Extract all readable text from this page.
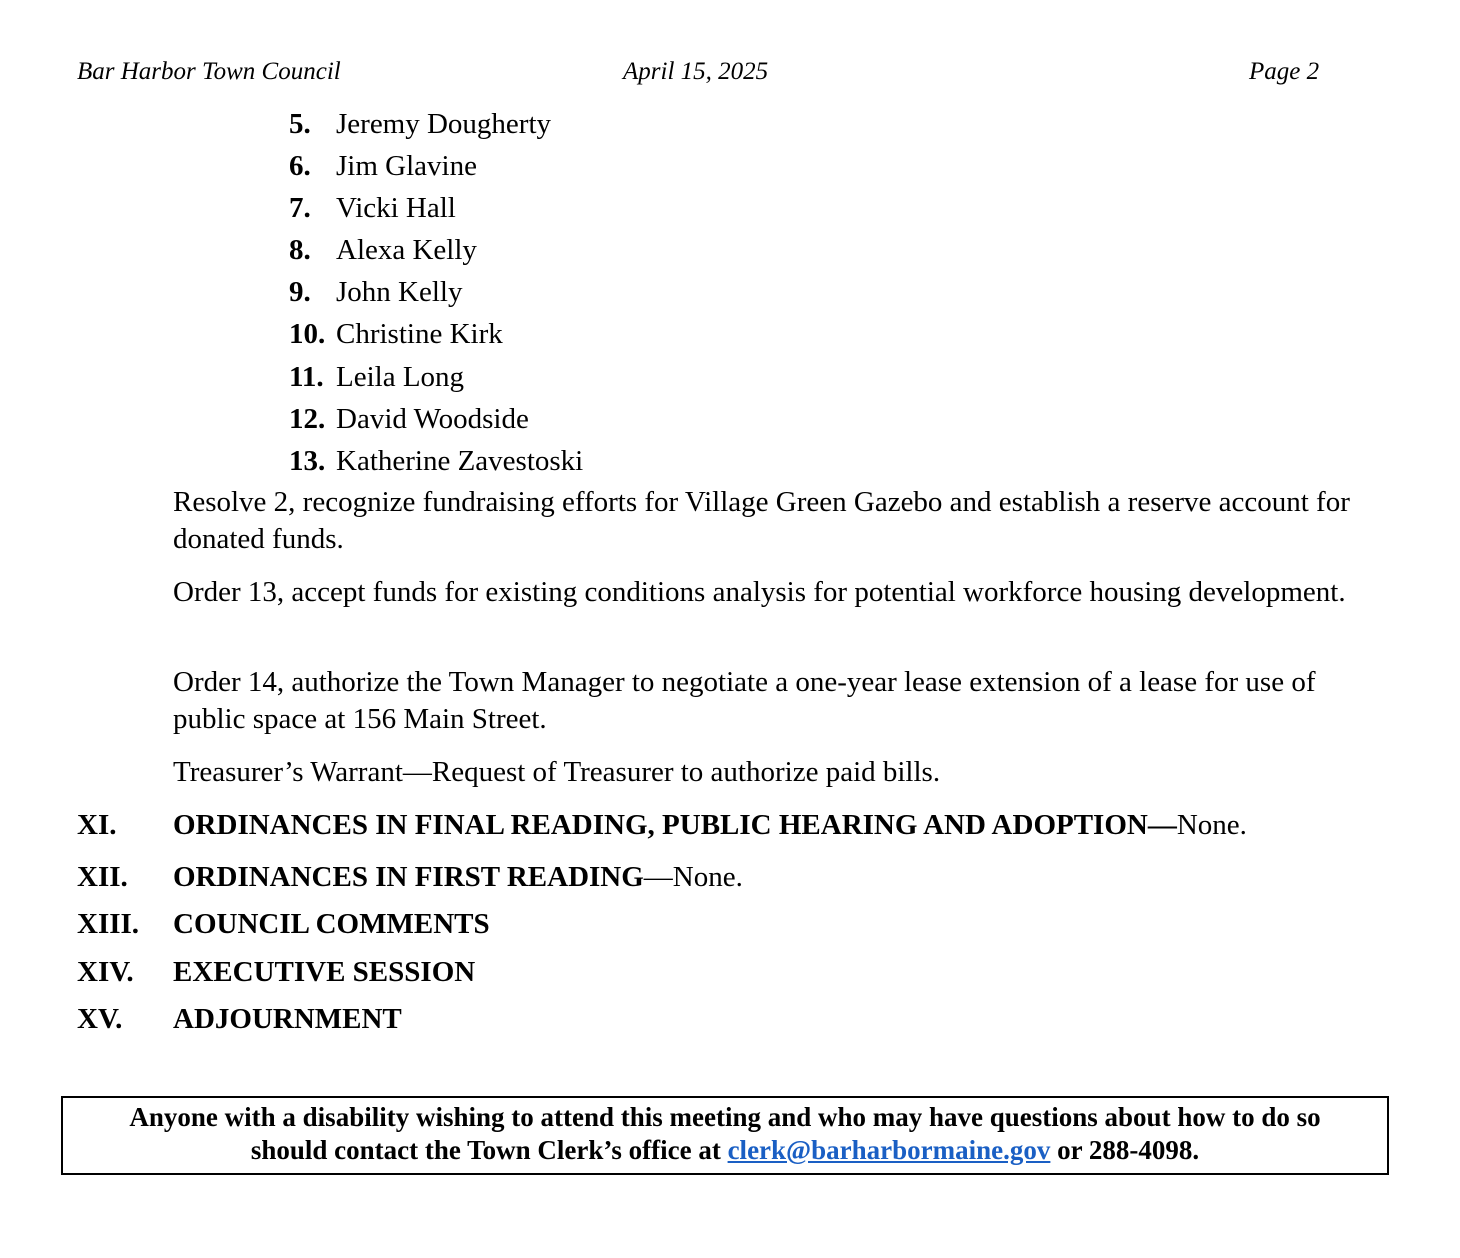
Bar Harbor Town Council	April 15, 2025	Page 2
5. Jeremy Dougherty
6. Jim Glavine
7. Vicki Hall
8. Alexa Kelly
9. John Kelly
10. Christine Kirk
11. Leila Long
12. David Woodside
13. Katherine Zavestoski
Resolve 2, recognize fundraising efforts for Village Green Gazebo and establish a reserve account for donated funds.
Order 13, accept funds for existing conditions analysis for potential workforce housing development.
Order 14, authorize the Town Manager to negotiate a one-year lease extension of a lease for use of public space at 156 Main Street.
Treasurer’s Warrant—Request of Treasurer to authorize paid bills.
XI. ORDINANCES IN FINAL READING, PUBLIC HEARING AND ADOPTION—None.
XII. ORDINANCES IN FIRST READING—None.
XIII. COUNCIL COMMENTS
XIV. EXECUTIVE SESSION
XV. ADJOURNMENT
Anyone with a disability wishing to attend this meeting and who may have questions about how to do so
should contact the Town Clerk’s office at clerk@barharbormaine.gov or 288-4098.
